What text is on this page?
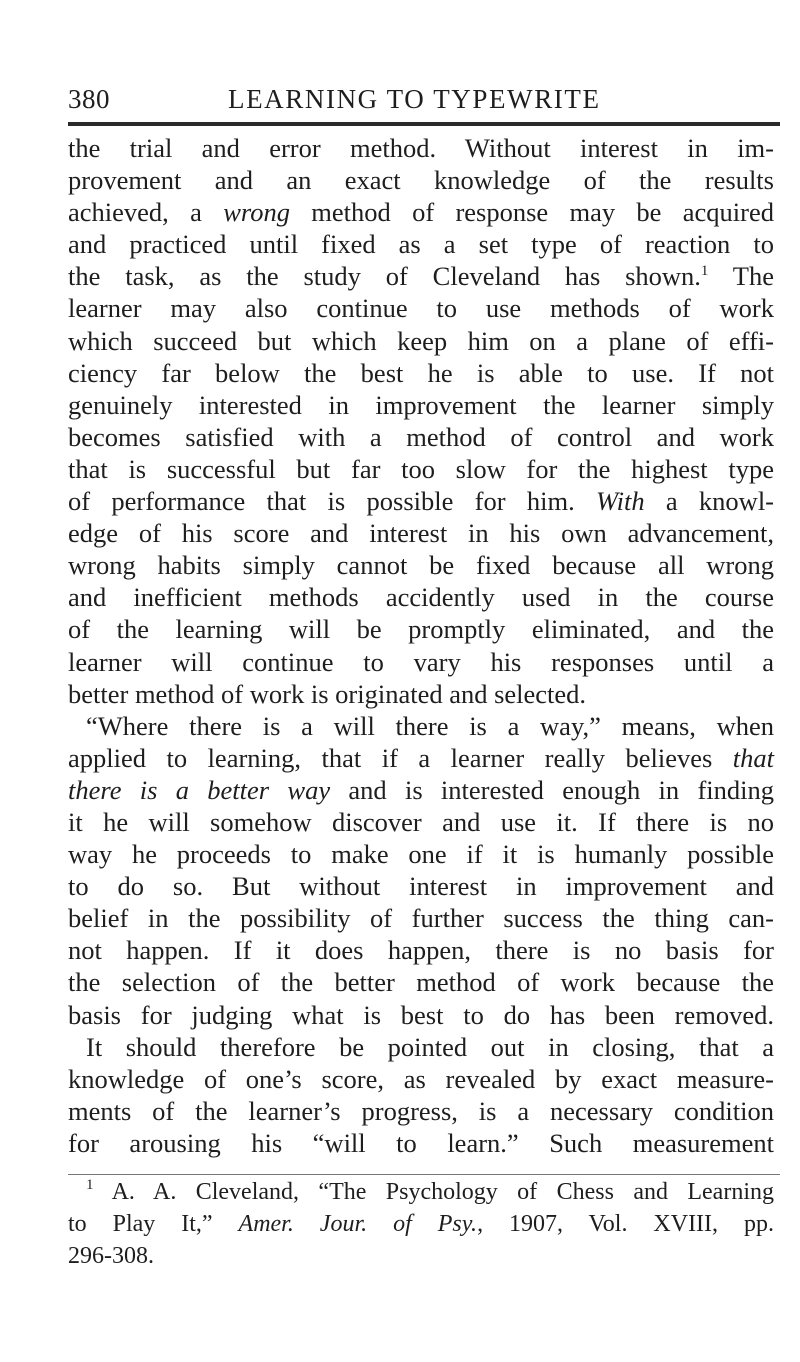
380	LEARNING TO TYPEWRITE
the trial and error method. Without interest in im-
provement and an exact knowledge of the results
achieved, a wrong method of response may be acquired
and practiced until fixed as a set type of reaction to
the task, as the study of Cleveland has shown.$^1$ The
learner may also continue to use methods of work
which succeed but which keep him on a plane of effi-
ciency far below the best he is able to use. If not
genuinely interested in improvement the learner simply
becomes satisfied with a method of control and work
that is successful but far too slow for the highest type
of performance that is possible for him. With a knowl-
edge of his score and interest in his own advancement,
wrong habits simply cannot be fixed because all wrong
and inefficient methods accidently used in the course
of the learning will be promptly eliminated, and the
learner will continue to vary his responses until a
better method of work is originated and selected.
“Where there is a will there is a way,” means, when
applied to learning, that if a learner really believes that
there is a better way and is interested enough in finding
it he will somehow discover and use it. If there is no
way he proceeds to make one if it is humanly possible
to do so. But without interest in improvement and
belief in the possibility of further success the thing can-
not happen. If it does happen, there is no basis for
the selection of the better method of work because the
basis for judging what is best to do has been removed.
It should therefore be pointed out in closing, that a
knowledge of one’s score, as revealed by exact measure-
ments of the learner’s progress, is a necessary condition
for arousing his “will to learn.” Such measurement
$^1$ A. A. Cleveland, “The Psychology of Chess and Learning
to Play It,” Amer. Jour. of Psy., 1907, Vol. XVIII, pp.
296-308.
